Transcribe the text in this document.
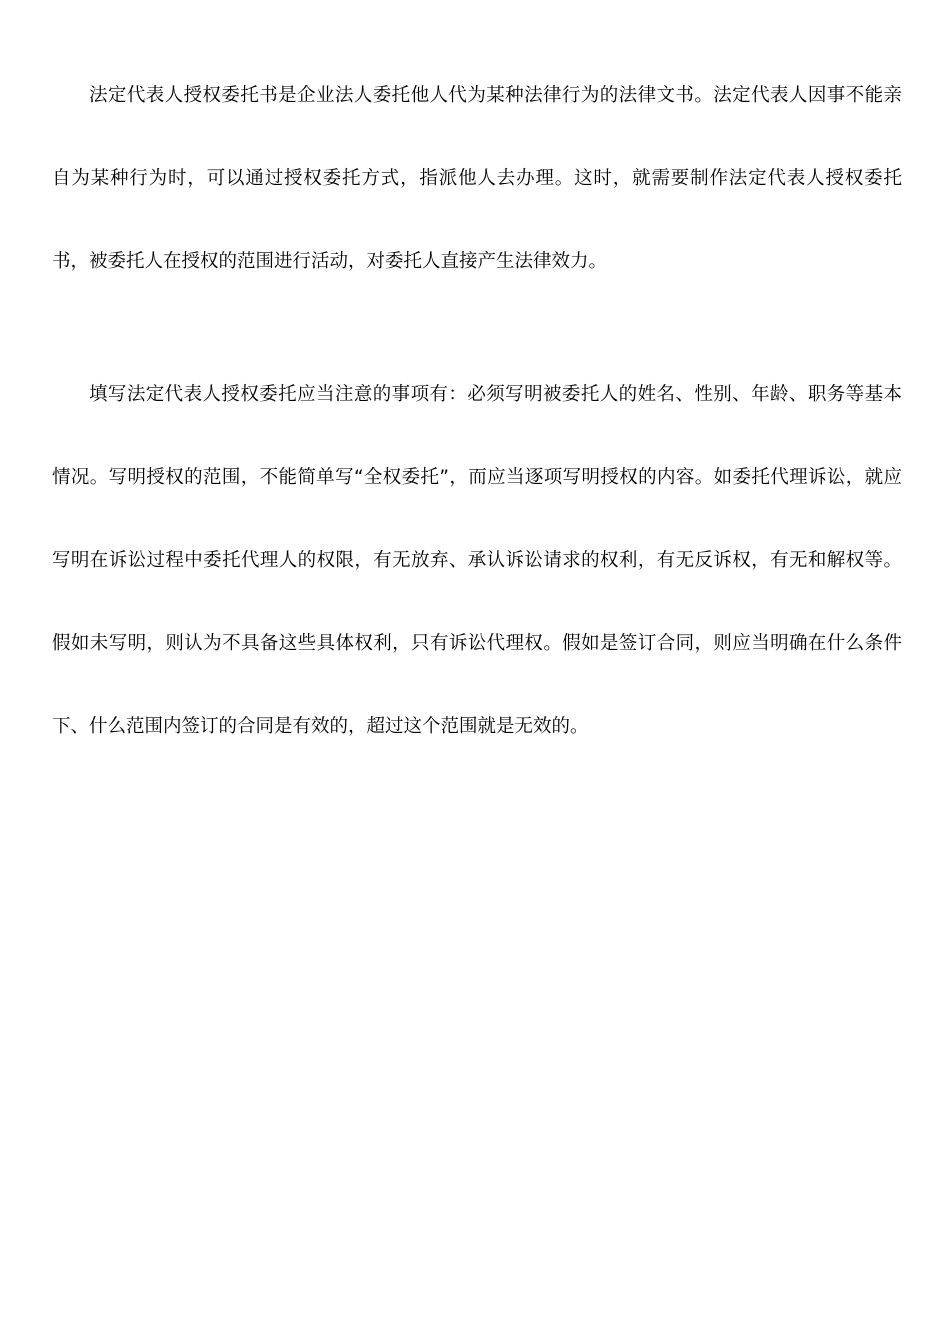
法定代表人授权委托书是企业法人委托他人代为某种法律行为的法律文书。法定代表人因事不能亲自为某种行为时，可以通过授权委托方式，指派他人去办理。这时，就需要制作法定代表人授权委托书，被委托人在授权的范围进行活动，对委托人直接产生法律效力。

填写法定代表人授权委托应当注意的事项有：必须写明被委托人的姓名、性别、年龄、职务等基本情况。写明授权的范围，不能简单写“全权委托”，而应当逐项写明授权的内容。如委托代理诉讼，就应写明在诉讼过程中委托代理人的权限，有无放弃、承认诉讼请求的权利，有无反诉权，有无和解权等。假如未写明，则认为不具备这些具体权利，只有诉讼代理权。假如是签订合同，则应当明确在什么条件下、什么范围内签订的合同是有效的，超过这个范围就是无效的。
